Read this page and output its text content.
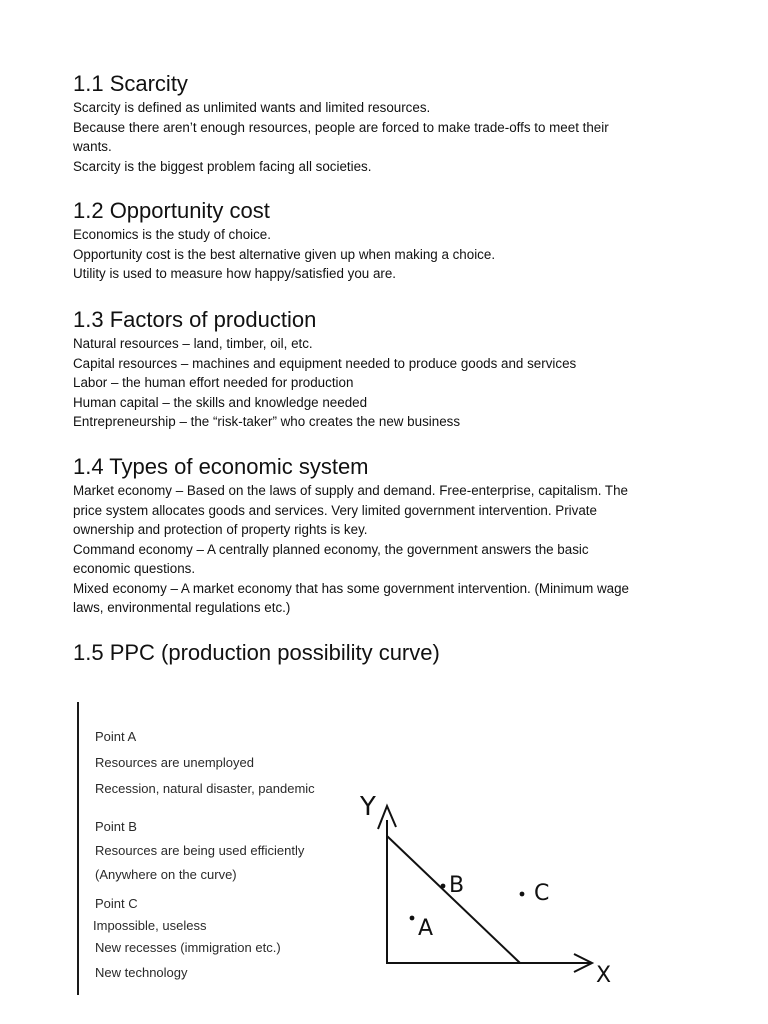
1.1 Scarcity

Scarcity is defined as unlimited wants and limited resources.

Because there aren’t enough resources, people are forced to make trade-offs to meet their

wants.

Scarcity is the biggest problem facing all societies.

1.2 Opportunity cost

Economics is the study of choice.

Opportunity cost is the best alternative given up when making a choice.

Utility is used to measure how happy/satisfied you are.

1.3 Factors of production

Natural resources – land, timber, oil, etc.

Capital resources – machines and equipment needed to produce goods and services

Labor – the human effort needed for production

Human capital – the skills and knowledge needed

Entrepreneurship – the “risk-taker” who creates the new business

1.4 Types of economic system

Market economy – Based on the laws of supply and demand. Free-enterprise, capitalism. The

price system allocates goods and services. Very limited government intervention. Private

ownership and protection of property rights is key.

Command economy – A centrally planned economy, the government answers the basic

economic questions.

Mixed economy – A market economy that has some government intervention. (Minimum wage

laws, environmental regulations etc.)

1.5 PPC (production possibility curve)
Point A
Resources are unemployed
Recession, natural disaster, pandemic
Point B
Resources are being used efficiently
(Anywhere on the curve)
Point C
Impossible, useless
New recesses (immigration etc.)
New technology
Y
X
A
B	C
